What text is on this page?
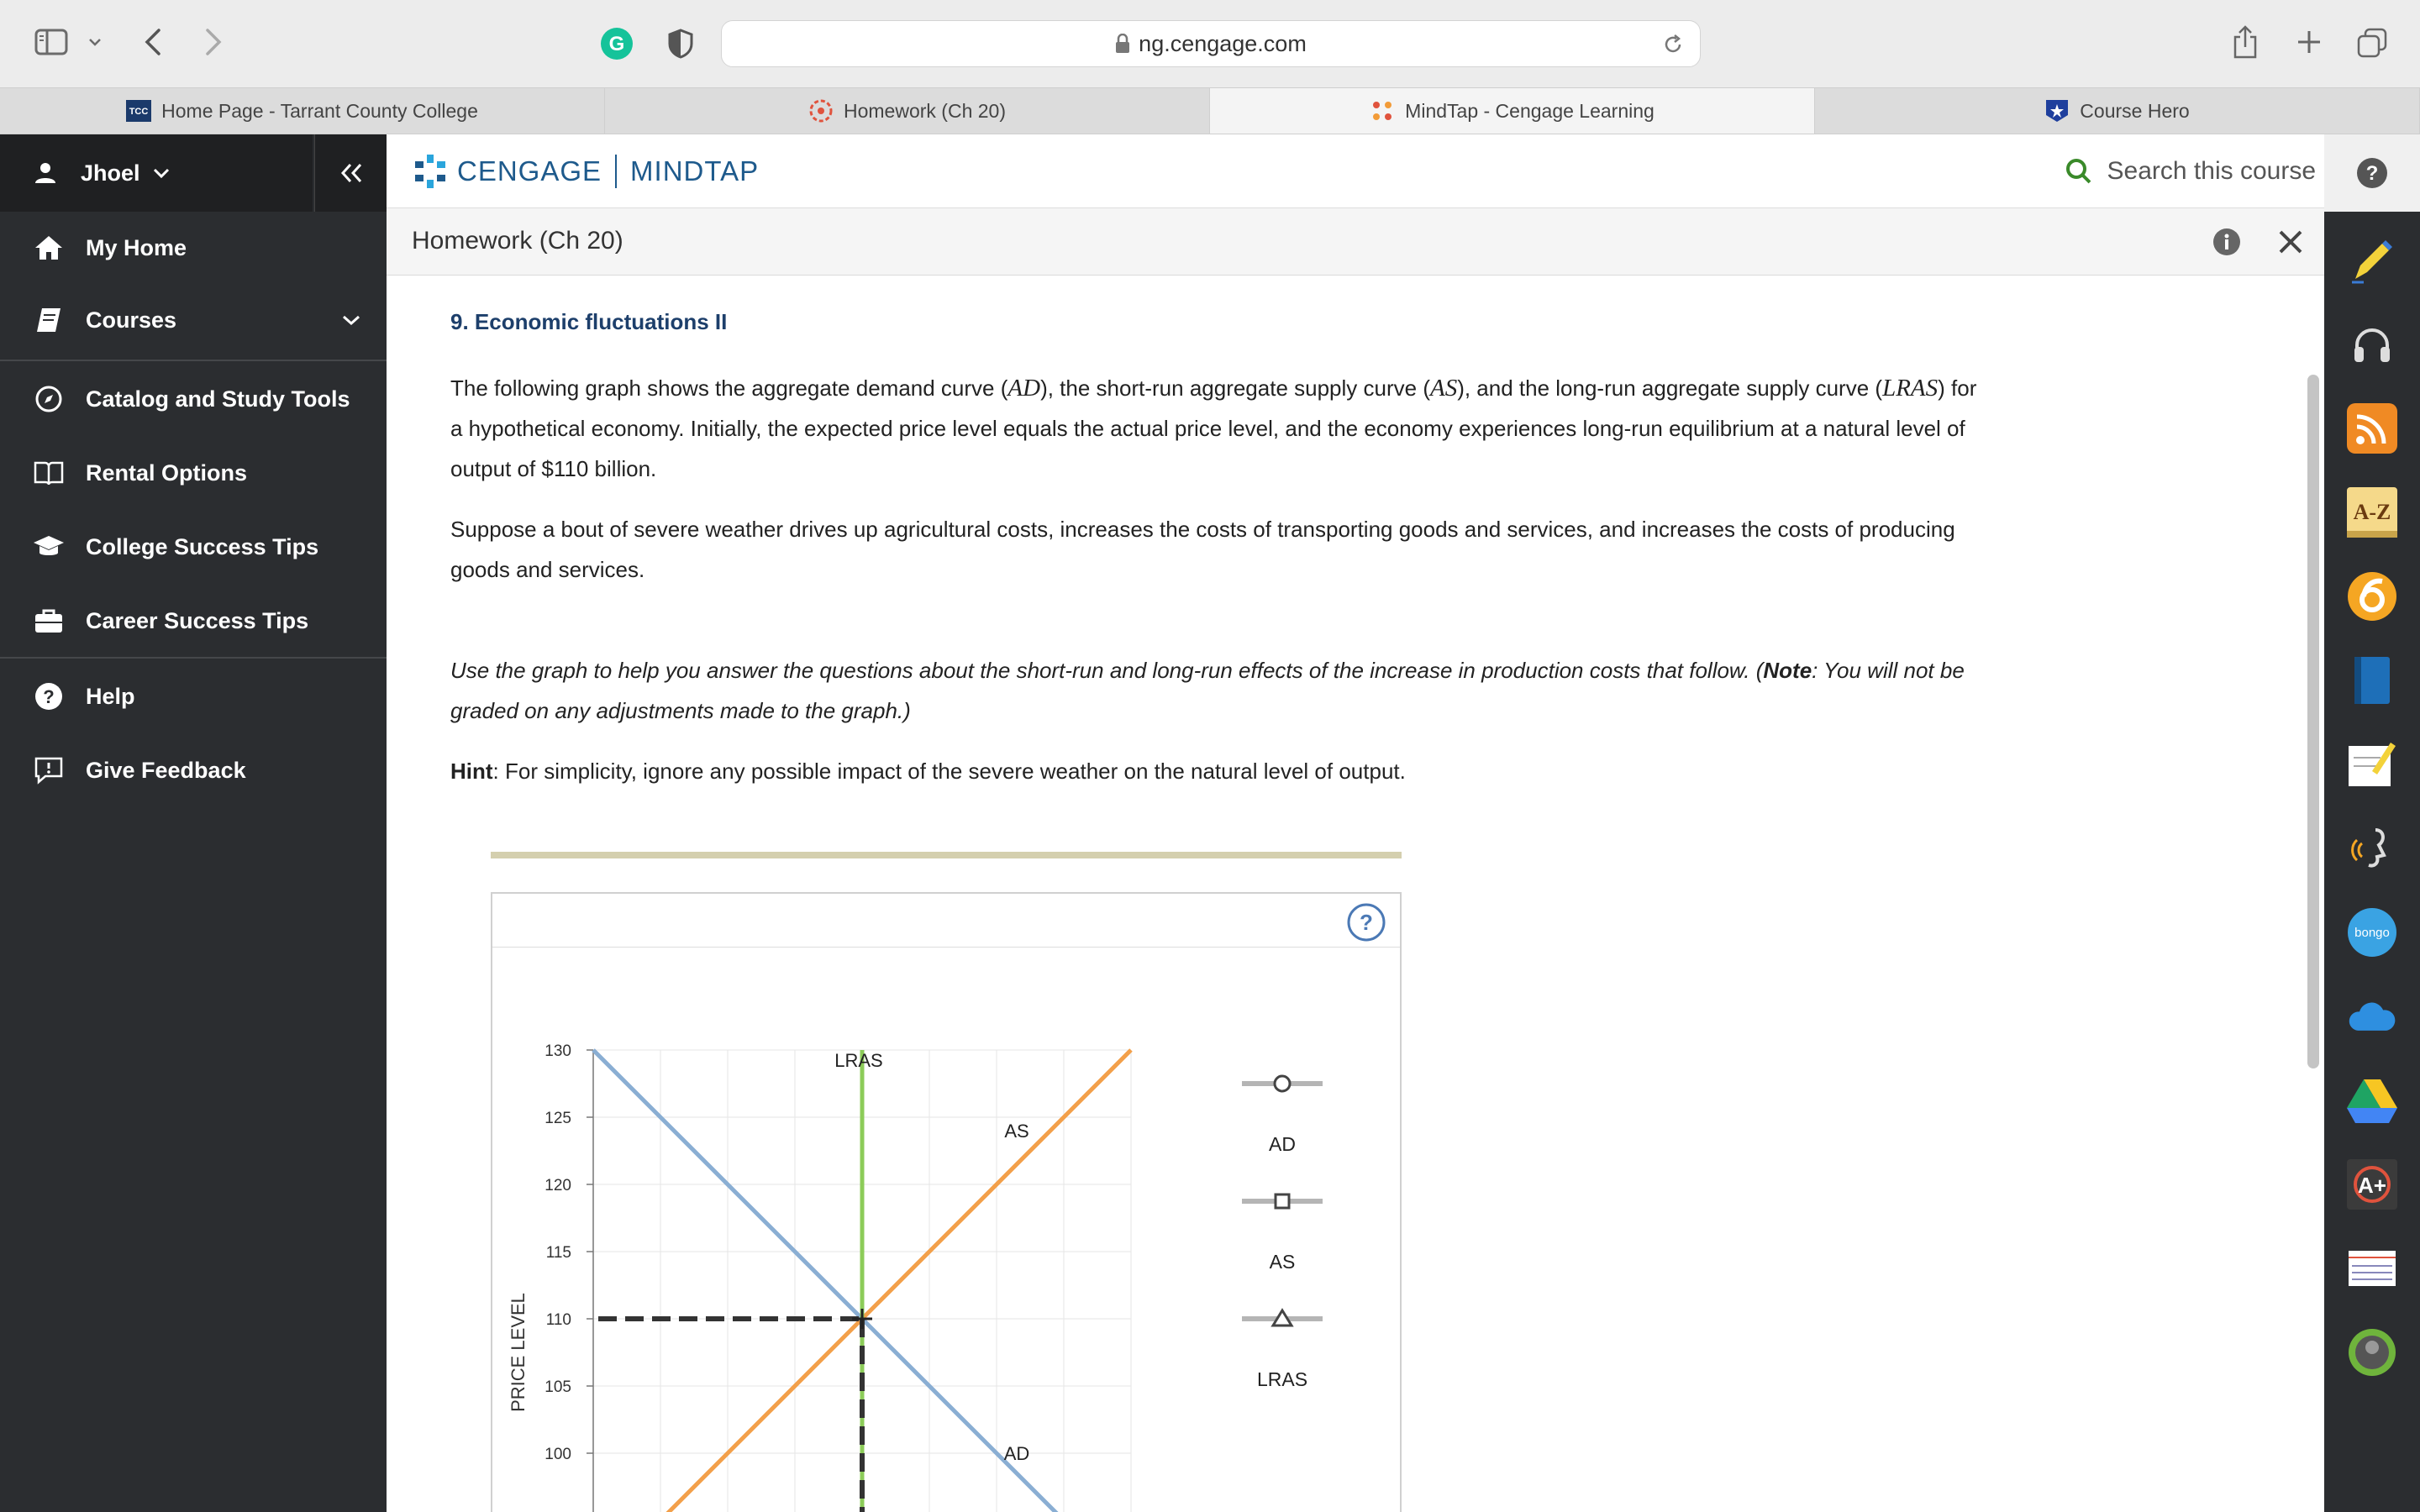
G	ng.cengage.com
TCC Home Page - Tarrant County College	Homework (Ch 20)	MindTap - Cengage Learning	Course Hero
Jhoel
My Home
Courses
Catalog and Study Tools
Rental Options
College Success Tips
Career Success Tips
? Help
Give Feedback
CENGAGE MINDTAP	Search this course
Homework (Ch 20)
?
A-Z
bongo
A+
9. Economic fluctuations II

The following graph shows the aggregate demand curve (AD), the short-run aggregate supply curve (AS), and the long-run aggregate supply curve (LRAS) for a hypothetical economy. Initially, the expected price level equals the actual price level, and the economy experiences long-run equilibrium at a natural level of output of $110 billion.

Suppose a bout of severe weather drives up agricultural costs, increases the costs of transporting goods and services, and increases the costs of producing goods and services.

Use the graph to help you answer the questions about the short-run and long-run effects of the increase in production costs that follow. (Note: You will not be graded on any adjustments made to the graph.)

Hint: For simplicity, ignore any possible impact of the severe weather on the natural level of output.

?
100
105
110
115
120
125
130
PRICE LEVEL
LRAS
AS
AD
AD
AS
LRAS
